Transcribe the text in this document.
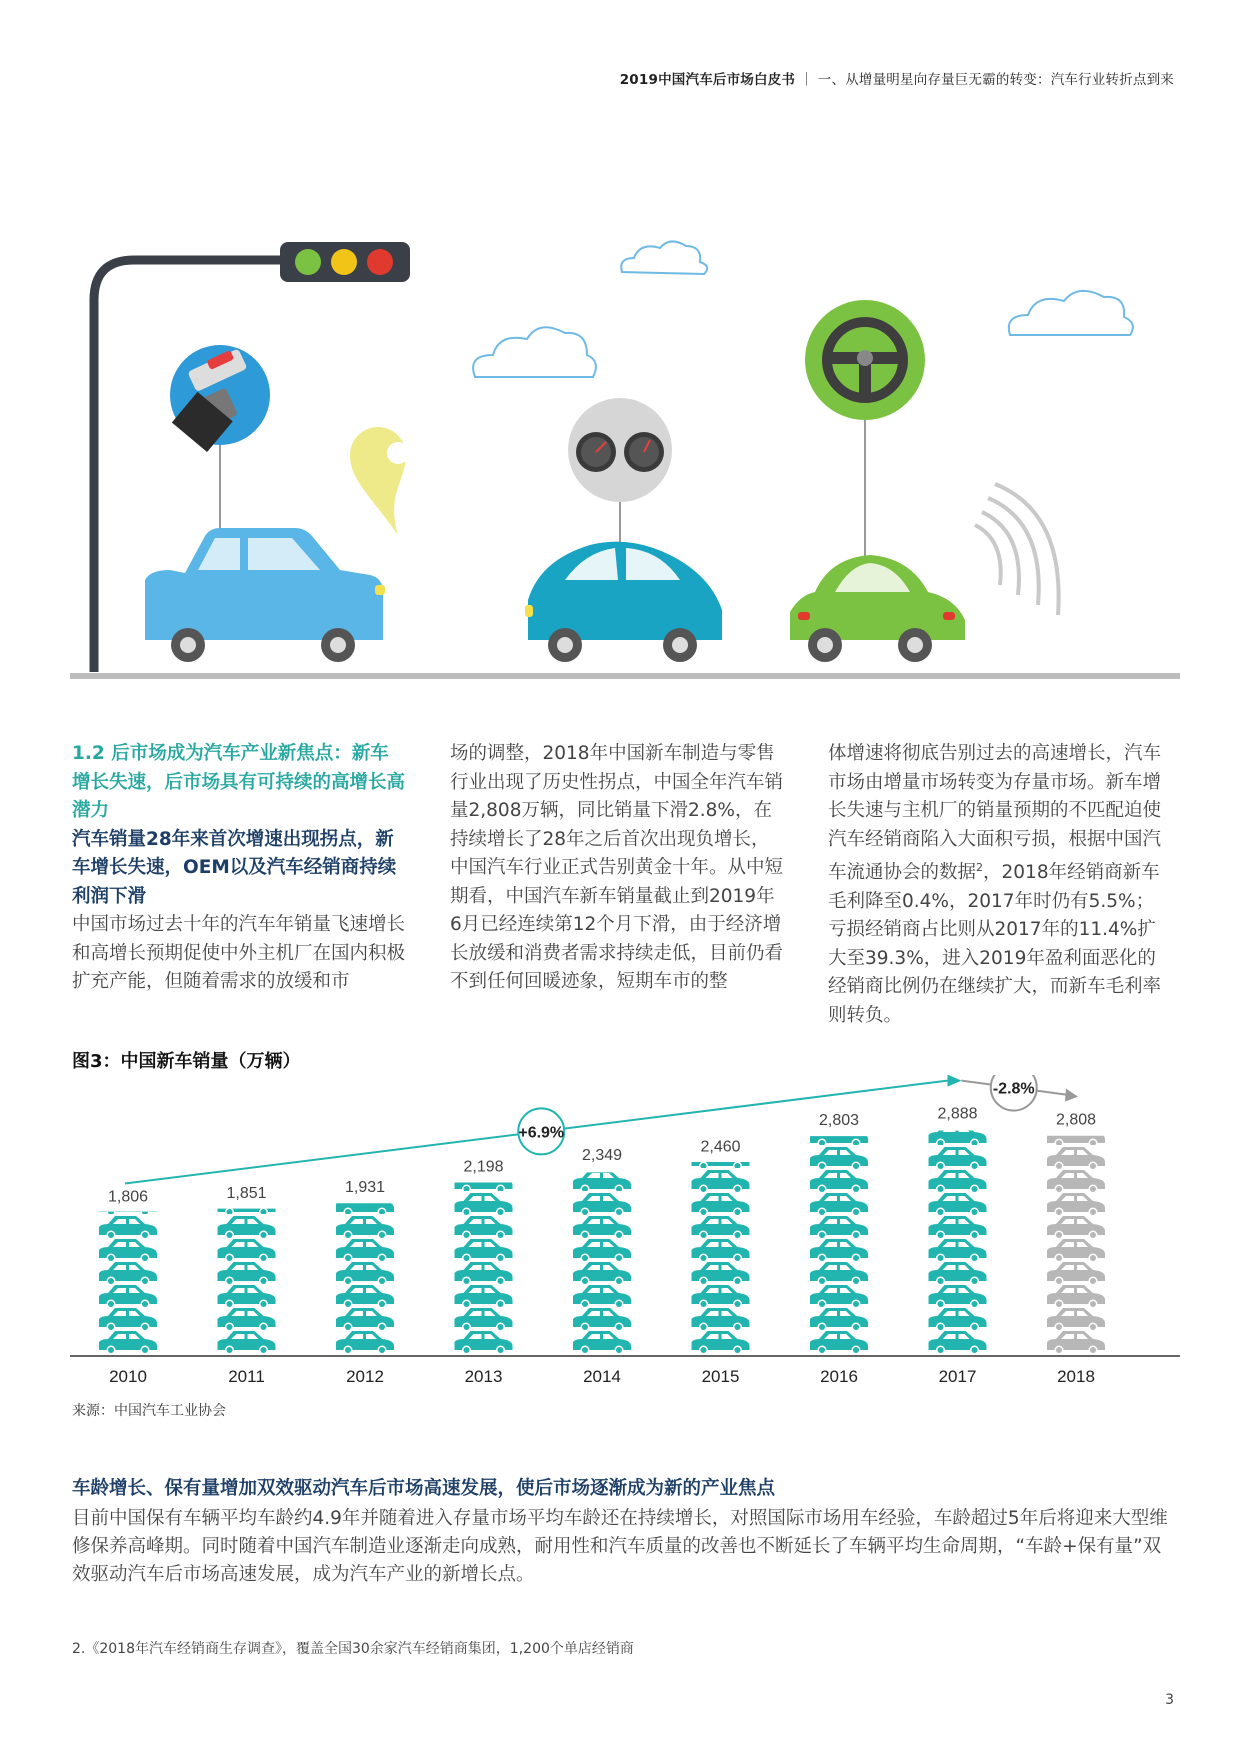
2019中国汽车后市场白皮书 ｜ 一、从增量明星向存量巨无霸的转变：汽车行业转折点到来
1.2 后市场成为汽车产业新焦点：新车增长失速，后市场具有可持续的高增长高潜力
汽车销量28年来首次增速出现拐点，新车增长失速，OEM以及汽车经销商持续利润下滑

中国市场过去十年的汽车年销量飞速增长和高增长预期促使中外主机厂在国内积极扩充产能，但随着需求的放缓和市

场的调整，2018年中国新车制造与零售行业出现了历史性拐点，中国全年汽车销量2,808万辆，同比销量下滑2.8%，在持续增长了28年之后首次出现负增长，中国汽车行业正式告别黄金十年。从中短期看，中国汽车新车销量截止到2019年6月已经连续第12个月下滑，由于经济增长放缓和消费者需求持续走低，目前仍看不到任何回暖迹象，短期车市的整

体增速将彻底告别过去的高速增长，汽车市场由增量市场转变为存量市场。新车增长失速与主机厂的销量预期的不匹配迫使汽车经销商陷入大面积亏损，根据中国汽车流通协会的数据$^2$，2018年经销商新车毛利降至0.4%，2017年时仍有5.5%；亏损经销商占比则从2017年的11.4%扩大至39.3%，进入2019年盈利面恶化的经销商比例仍在继续扩大，而新车毛利率则转负。

图3：中国新车销量（万辆）
1,806
2010
1,851
2011
1,931
2012
2,198
2013
2,349
2014
2,460
2015
2,803
2016
2,888
2017
2,808
2018
+6.9%
-2.8%
来源：中国汽车工业协会
车龄增长、保有量增加双效驱动汽车后市场高速发展，使后市场逐渐成为新的产业焦点
目前中国保有车辆平均车龄约4.9年并随着进入存量市场平均车龄还在持续增长，对照国际市场用车经验，车龄超过5年后将迎来大型维修保养高峰期。同时随着中国汽车制造业逐渐走向成熟，耐用性和汽车质量的改善也不断延长了车辆平均生命周期，“车龄+保有量”双效驱动汽车后市场高速发展，成为汽车产业的新增长点。
2.《2018年汽车经销商生存调查》，覆盖全国30余家汽车经销商集团，1,200个单店经销商
3
